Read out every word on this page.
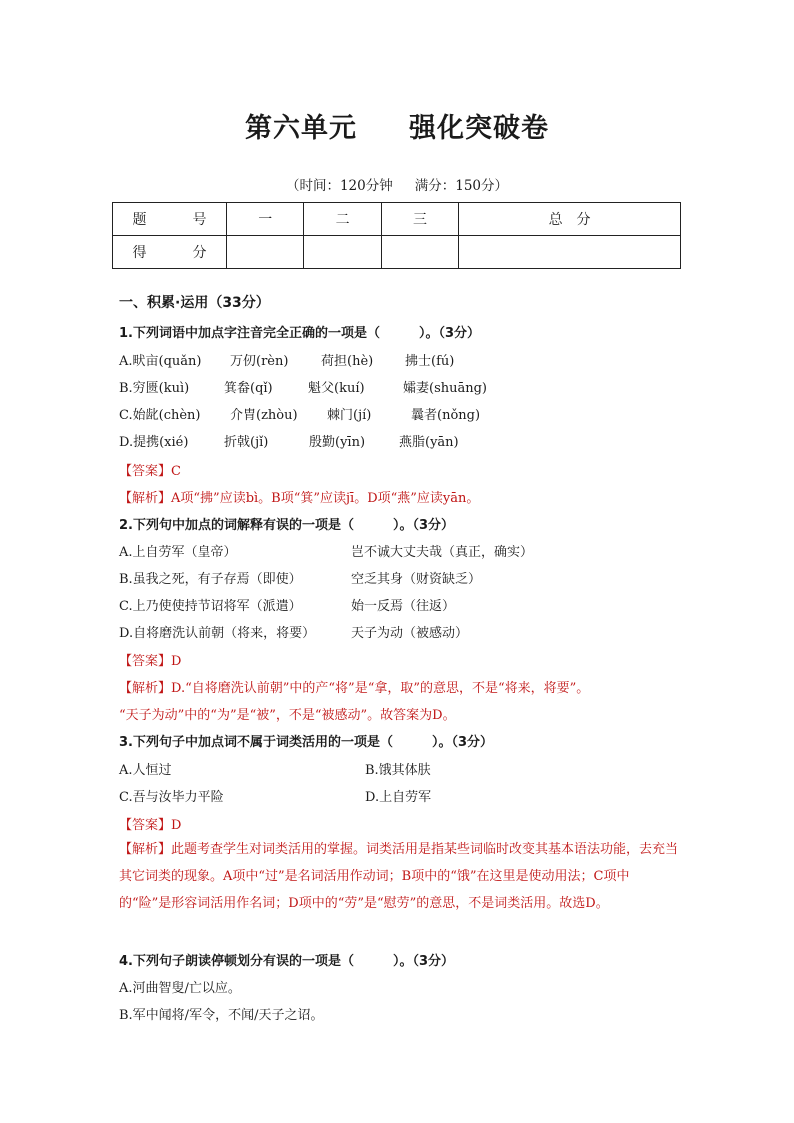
第六单元 强化突破卷
（时间：120分钟 满分：150分）
题　号	一	二	三	总　分
得　分				
一、积累·运用（33分）
1.下列词语中加点字注音完全正确的一项是（　　　）。（3分）
A.畎亩(quǎn) 万仞(rèn)	荷担(hè) 拂士(fú)
B.穷匮(kuì)	箕畚(qǐ)	魁父(kuí)	孀妻(shuāng)
C.始龀(chèn) 介胄(zhòu) 棘门(jí)	曩者(nǒng)
D.提携(xié)	折戟(jǐ)	殷勤(yīn)	燕脂(yān)
【答案】C
【解析】A项“拂”应读bì。B项“箕”应读jī。D项“燕”应读yān。
2.下列句中加点的词解释有误的一项是（　　　）。（3分）
A.上自劳军（皇帝）	岂不诚大丈夫哉（真正，确实）
B.虽我之死，有子存焉（即使）	空乏其身（财资缺乏）
C.上乃使使持节诏将军（派遣）	始一反焉（往返）
D.自将磨洗认前朝（将来，将要）	天子为动（被感动）
【答案】D
【解析】D.“自将磨洗认前朝”中的产“将”是“拿，取”的意思，不是“将来，将要”。
“天子为动”中的“为”是“被”，不是“被感动”。故答案为D。
3.下列句子中加点词不属于词类活用的一项是（　　　）。（3分）
A.人恒过	B.饿其体肤
C.吾与汝毕力平险	D.上自劳军
【答案】D
【解析】此题考查学生对词类活用的掌握。词类活用是指某些词临时改变其基本语法功能，去充当其它词类的现象。A项中“过”是名词活用作动词；B项中的“饿”在这里是使动用法；C项中的“险”是形容词活用作名词；D项中的“劳”是“慰劳”的意思，不是词类活用。故选D。
4.下列句子朗读停顿划分有误的一项是（　　　）。（3分）
A.河曲智叟/亡以应。
B.军中闻将/军令，不闻/天子之诏。
